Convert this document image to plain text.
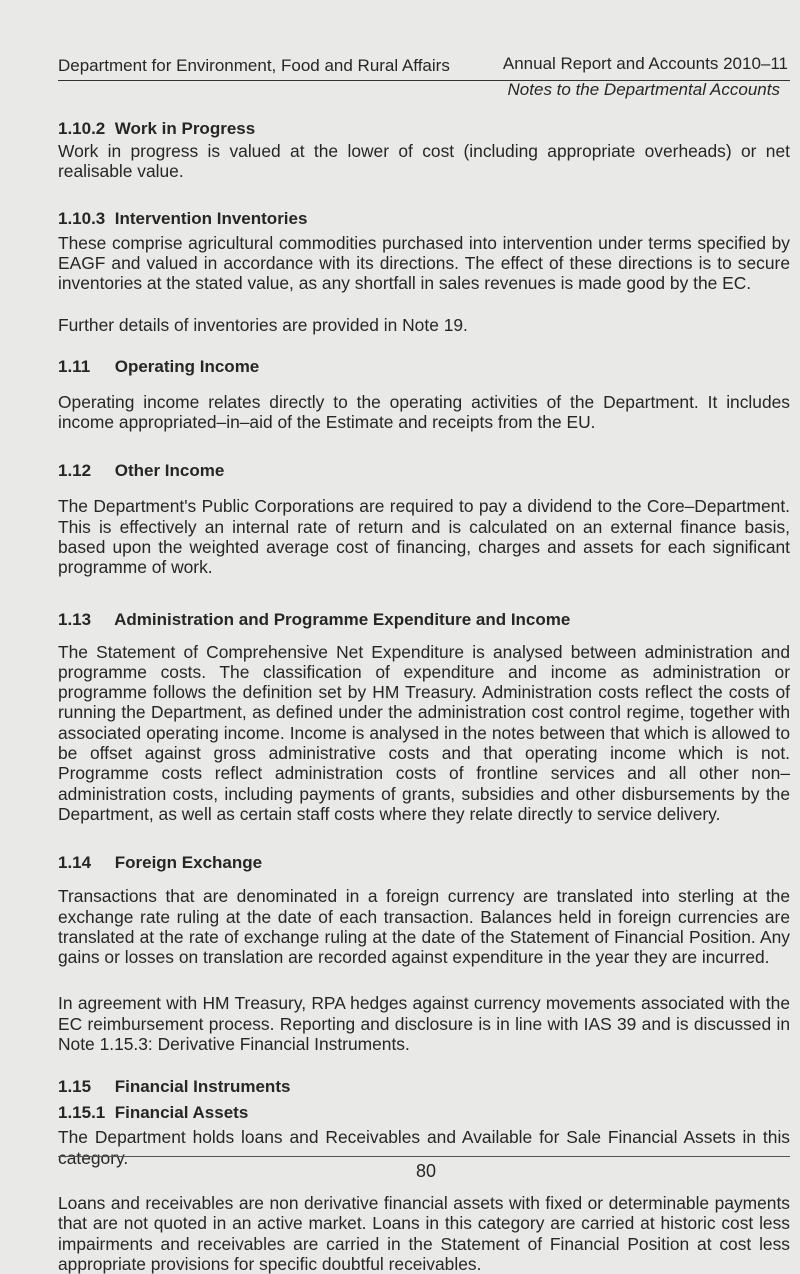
Department for Environment, Food and Rural Affairs	Annual Report and Accounts 2010–11
Notes to the Departmental Accounts
1.10.2 Work in Progress

Work in progress is valued at the lower of cost (including appropriate overheads) or net realisable value.

1.10.3 Intervention Inventories

These comprise agricultural commodities purchased into intervention under terms specified by EAGF and valued in accordance with its directions. The effect of these directions is to secure inventories at the stated value, as any shortfall in sales revenues is made good by the EC.

Further details of inventories are provided in Note 19.

1.11 Operating Income

Operating income relates directly to the operating activities of the Department. It includes income appropriated–in–aid of the Estimate and receipts from the EU.

1.12 Other Income

The Department's Public Corporations are required to pay a dividend to the Core–Department. This is effectively an internal rate of return and is calculated on an external finance basis, based upon the weighted average cost of financing, charges and assets for each significant programme of work.

1.13 Administration and Programme Expenditure and Income

The Statement of Comprehensive Net Expenditure is analysed between administration and programme costs. The classification of expenditure and income as administration or programme follows the definition set by HM Treasury. Administration costs reflect the costs of running the Department, as defined under the administration cost control regime, together with associated operating income. Income is analysed in the notes between that which is allowed to be offset against gross administrative costs and that operating income which is not. Programme costs reflect administration costs of frontline services and all other non–administration costs, including payments of grants, subsidies and other disbursements by the Department, as well as certain staff costs where they relate directly to service delivery.

1.14 Foreign Exchange

Transactions that are denominated in a foreign currency are translated into sterling at the exchange rate ruling at the date of each transaction. Balances held in foreign currencies are translated at the rate of exchange ruling at the date of the Statement of Financial Position. Any gains or losses on translation are recorded against expenditure in the year they are incurred.

In agreement with HM Treasury, RPA hedges against currency movements associated with the EC reimbursement process. Reporting and disclosure is in line with IAS 39 and is discussed in Note 1.15.3: Derivative Financial Instruments.

1.15 Financial Instruments
1.15.1 Financial Assets

The Department holds loans and Receivables and Available for Sale Financial Assets in this category.

Loans and receivables are non derivative financial assets with fixed or determinable payments that are not quoted in an active market. Loans in this category are carried at historic cost less impairments and receivables are carried in the Statement of Financial Position at cost less appropriate provisions for specific doubtful receivables.

80
